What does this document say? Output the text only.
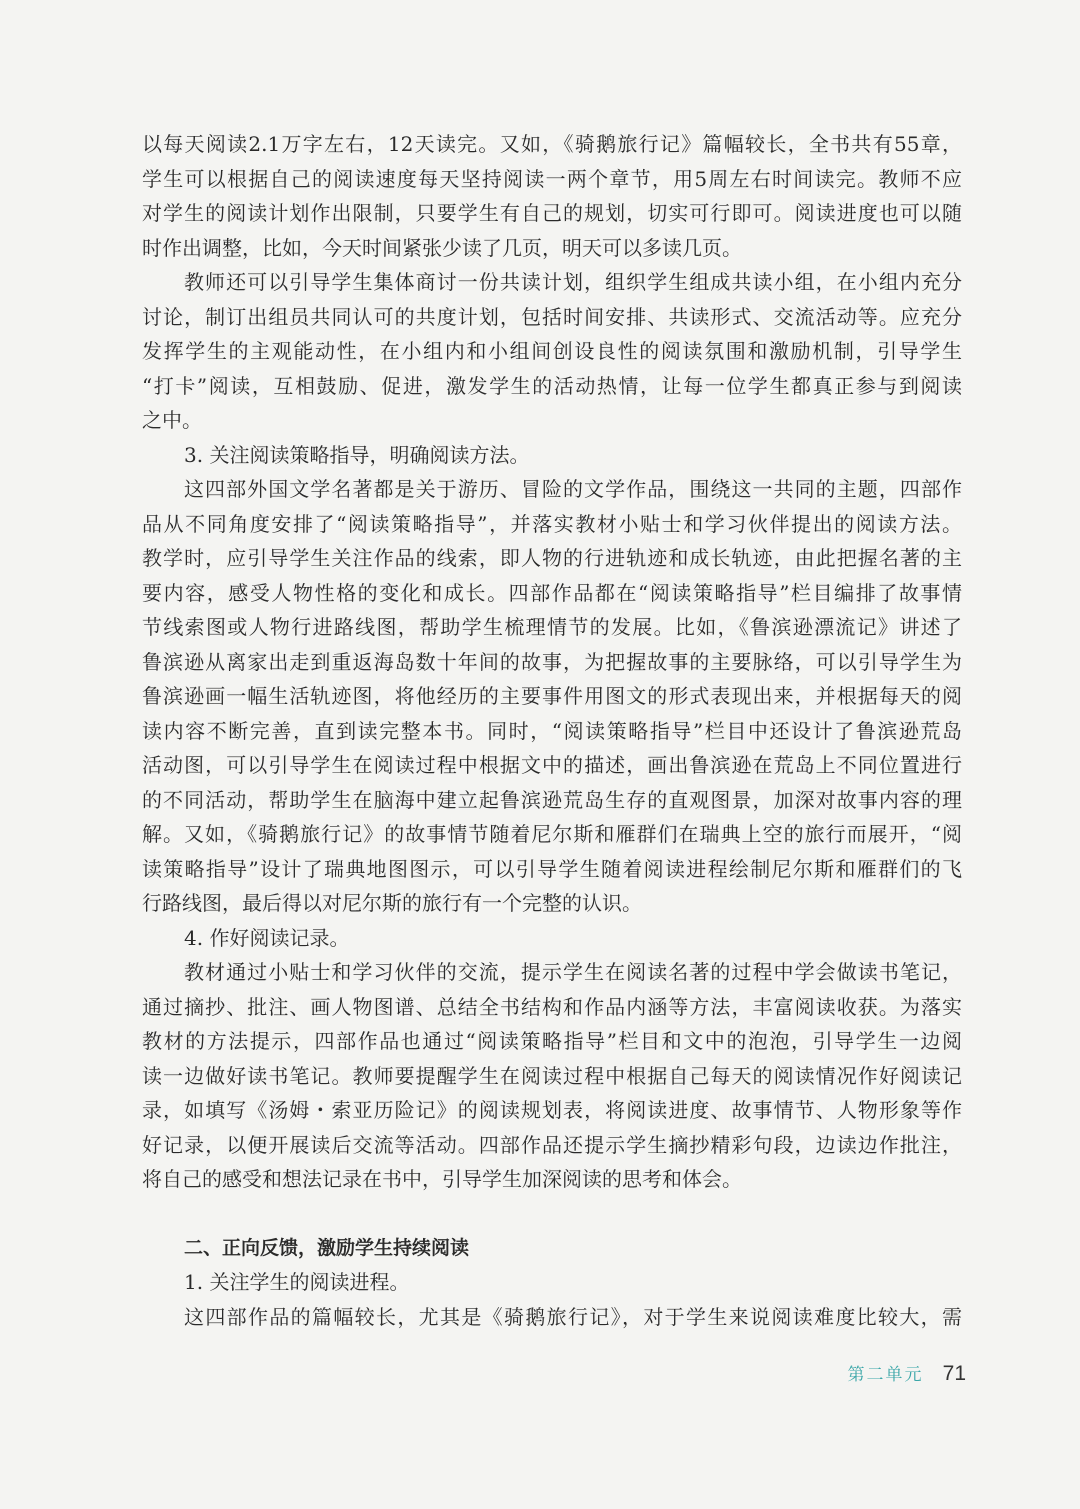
以每天阅读2.1万字左右，12天读完。又如，《骑鹅旅行记》篇幅较长，全书共有55章，
学生可以根据自己的阅读速度每天坚持阅读一两个章节，用5周左右时间读完。教师不应
对学生的阅读计划作出限制，只要学生有自己的规划，切实可行即可。阅读进度也可以随
时作出调整，比如，今天时间紧张少读了几页，明天可以多读几页。
教师还可以引导学生集体商讨一份共读计划，组织学生组成共读小组，在小组内充分
讨论，制订出组员共同认可的共度计划，包括时间安排、共读形式、交流活动等。应充分
发挥学生的主观能动性，在小组内和小组间创设良性的阅读氛围和激励机制，引导学生
“打卡”阅读，互相鼓励、促进，激发学生的活动热情，让每一位学生都真正参与到阅读
之中。
3. 关注阅读策略指导，明确阅读方法。
这四部外国文学名著都是关于游历、冒险的文学作品，围绕这一共同的主题，四部作
品从不同角度安排了“阅读策略指导”，并落实教材小贴士和学习伙伴提出的阅读方法。
教学时，应引导学生关注作品的线索，即人物的行进轨迹和成长轨迹，由此把握名著的主
要内容，感受人物性格的变化和成长。四部作品都在“阅读策略指导”栏目编排了故事情
节线索图或人物行进路线图，帮助学生梳理情节的发展。比如，《鲁滨逊漂流记》讲述了
鲁滨逊从离家出走到重返海岛数十年间的故事，为把握故事的主要脉络，可以引导学生为
鲁滨逊画一幅生活轨迹图，将他经历的主要事件用图文的形式表现出来，并根据每天的阅
读内容不断完善，直到读完整本书。同时，“阅读策略指导”栏目中还设计了鲁滨逊荒岛
活动图，可以引导学生在阅读过程中根据文中的描述，画出鲁滨逊在荒岛上不同位置进行
的不同活动，帮助学生在脑海中建立起鲁滨逊荒岛生存的直观图景，加深对故事内容的理
解。又如，《骑鹅旅行记》的故事情节随着尼尔斯和雁群们在瑞典上空的旅行而展开，“阅
读策略指导”设计了瑞典地图图示，可以引导学生随着阅读进程绘制尼尔斯和雁群们的飞
行路线图，最后得以对尼尔斯的旅行有一个完整的认识。
4. 作好阅读记录。
教材通过小贴士和学习伙伴的交流，提示学生在阅读名著的过程中学会做读书笔记，
通过摘抄、批注、画人物图谱、总结全书结构和作品内涵等方法，丰富阅读收获。为落实
教材的方法提示，四部作品也通过“阅读策略指导”栏目和文中的泡泡，引导学生一边阅
读一边做好读书笔记。教师要提醒学生在阅读过程中根据自己每天的阅读情况作好阅读记
录，如填写《汤姆・索亚历险记》的阅读规划表，将阅读进度、故事情节、人物形象等作
好记录，以便开展读后交流等活动。四部作品还提示学生摘抄精彩句段，边读边作批注，
将自己的感受和想法记录在书中，引导学生加深阅读的思考和体会。
二、正向反馈，激励学生持续阅读
1. 关注学生的阅读进程。
这四部作品的篇幅较长，尤其是《骑鹅旅行记》，对于学生来说阅读难度比较大，需
第二单元 71
